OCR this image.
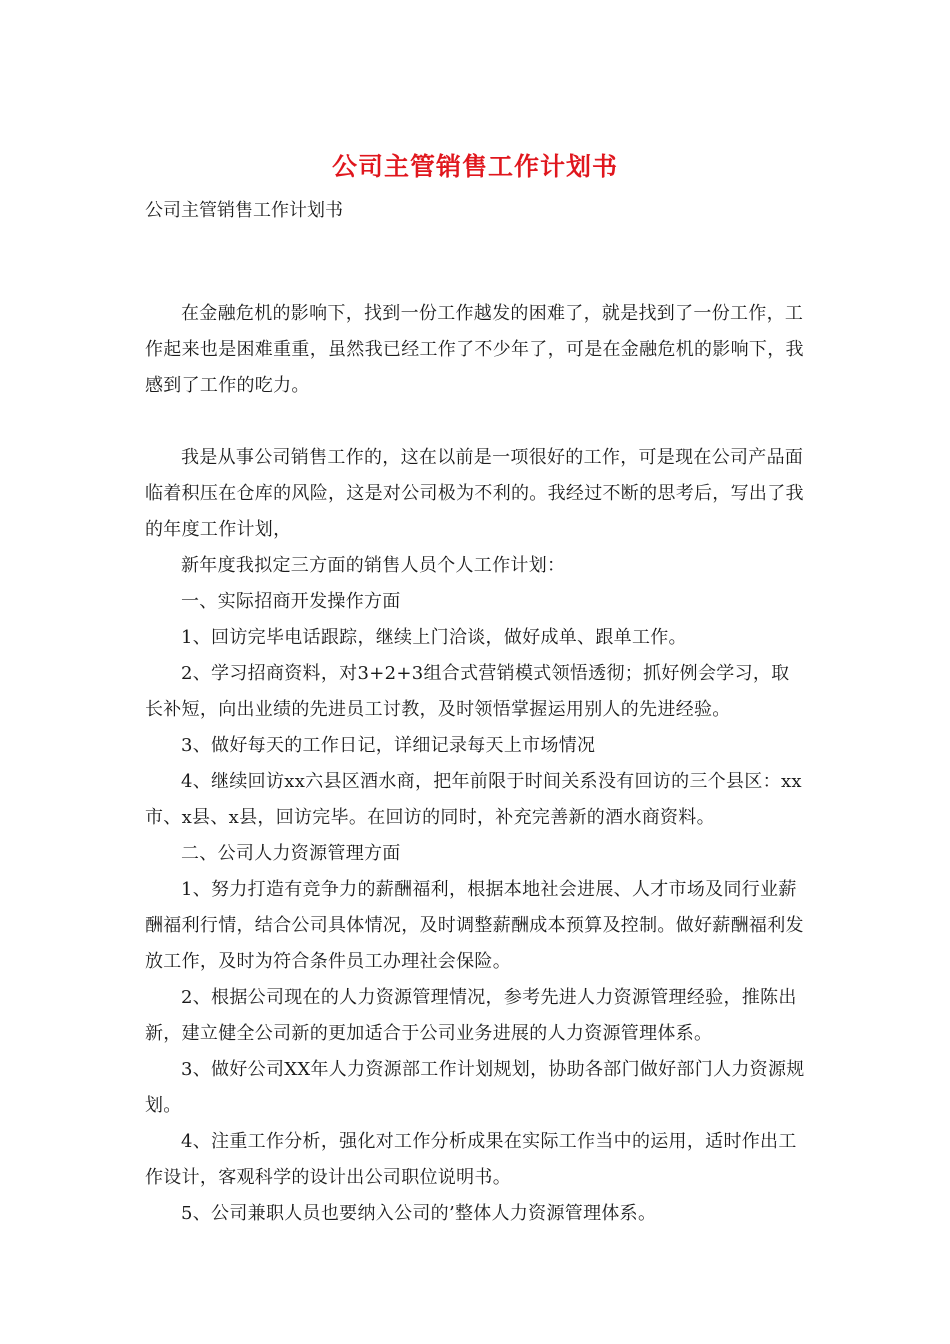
公司主管销售工作计划书
公司主管销售工作计划书

在金融危机的影响下，找到一份工作越发的困难了，就是找到了一份工作，工作起来也是困难重重，虽然我已经工作了不少年了，可是在金融危机的影响下，我感到了工作的吃力。

我是从事公司销售工作的，这在以前是一项很好的工作，可是现在公司产品面临着积压在仓库的风险，这是对公司极为不利的。我经过不断的思考后，写出了我的年度工作计划，

新年度我拟定三方面的销售人员个人工作计划：

一、实际招商开发操作方面

1、回访完毕电话跟踪，继续上门洽谈，做好成单、跟单工作。

2、学习招商资料，对3+2+3组合式营销模式领悟透彻；抓好例会学习，取长补短，向出业绩的先进员工讨教，及时领悟掌握运用别人的先进经验。

3、做好每天的工作日记，详细记录每天上市场情况

4、继续回访xx六县区酒水商，把年前限于时间关系没有回访的三个县区：xx市、x县、x县，回访完毕。在回访的同时，补充完善新的酒水商资料。

二、公司人力资源管理方面

1、努力打造有竞争力的薪酬福利，根据本地社会进展、人才市场及同行业薪酬福利行情，结合公司具体情况，及时调整薪酬成本预算及控制。做好薪酬福利发放工作，及时为符合条件员工办理社会保险。

2、根据公司现在的人力资源管理情况，参考先进人力资源管理经验，推陈出新，建立健全公司新的更加适合于公司业务进展的人力资源管理体系。

3、做好公司XX年人力资源部工作计划规划，协助各部门做好部门人力资源规划。

4、注重工作分析，强化对工作分析成果在实际工作当中的运用，适时作出工作设计，客观科学的设计出公司职位说明书。

5、公司兼职人员也要纳入公司的’整体人力资源管理体系。
